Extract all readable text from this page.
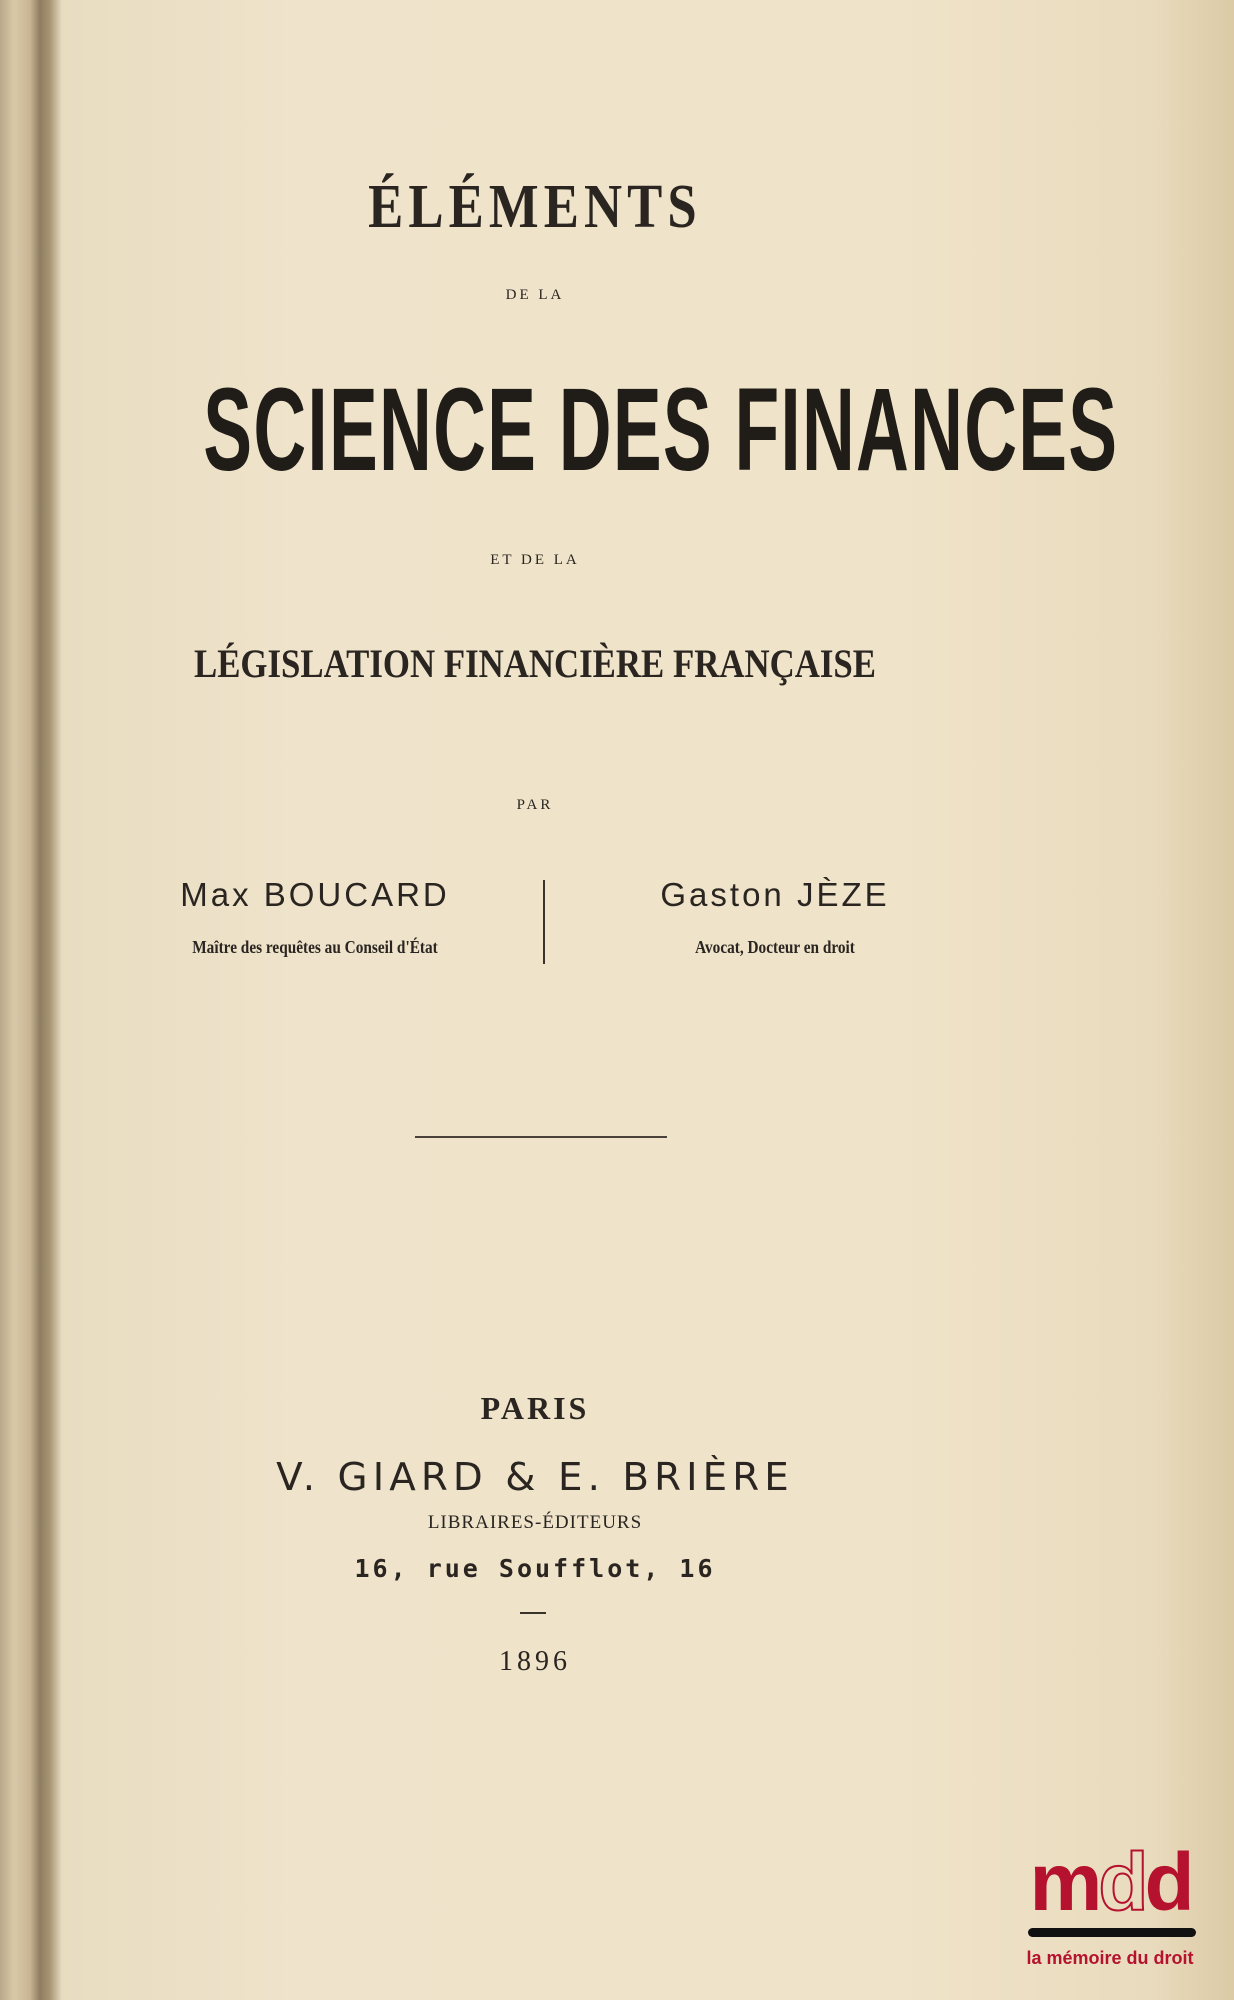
ÉLÉMENTS
DE LA
SCIENCE DES FINANCES
ET DE LA
LÉGISLATION FINANCIÈRE FRANÇAISE
PAR
Max BOUCARD
Maître des requêtes au Conseil d'État
Gaston JÈZE
Avocat, Docteur en droit
PARIS
V. GIARD & E. BRIÈRE
LIBRAIRES-ÉDITEURS
16, rue Soufflot, 16
1896
mdd
la mémoire du droit
